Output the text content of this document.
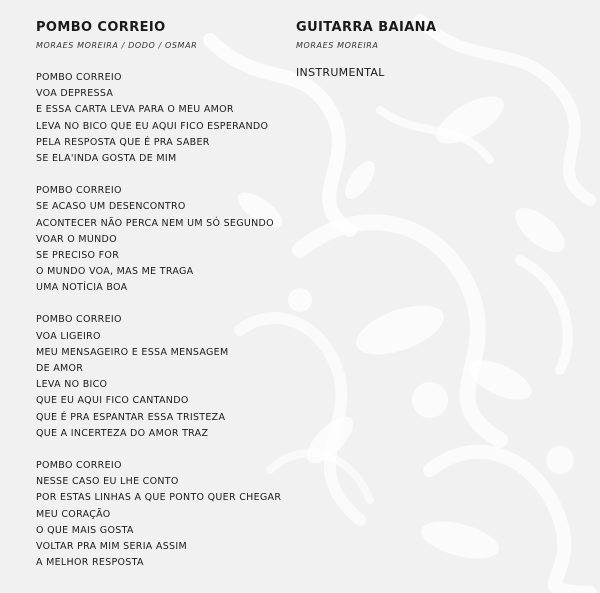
POMBO CORREIO

MORAES MOREIRA / DODO / OSMAR

POMBO CORREIO
VOA DEPRESSA
E ESSA CARTA LEVA PARA O MEU AMOR
LEVA NO BICO QUE EU AQUI FICO ESPERANDO
PELA RESPOSTA QUE É PRA SABER
SE ELA'INDA GOSTA DE MIM
POMBO CORREIO
SE ACASO UM DESENCONTRO
ACONTECER NÃO PERCA NEM UM SÓ SEGUNDO
VOAR O MUNDO
SE PRECISO FOR
O MUNDO VOA, MAS ME TRAGA
UMA NOTÍCIA BOA
POMBO CORREIO
VOA LIGEIRO
MEU MENSAGEIRO E ESSA MENSAGEM
DE AMOR
LEVA NO BICO
QUE EU AQUI FICO CANTANDO
QUE É PRA ESPANTAR ESSA TRISTEZA
QUE A INCERTEZA DO AMOR TRAZ
POMBO CORREIO
NESSE CASO EU LHE CONTO
POR ESTAS LINHAS A QUE PONTO QUER CHEGAR
MEU CORAÇÃO
O QUE MAIS GOSTA
VOLTAR PRA MIM SERIA ASSIM
A MELHOR RESPOSTA
GUITARRA BAIANA

MORAES MOREIRA

INSTRUMENTAL
